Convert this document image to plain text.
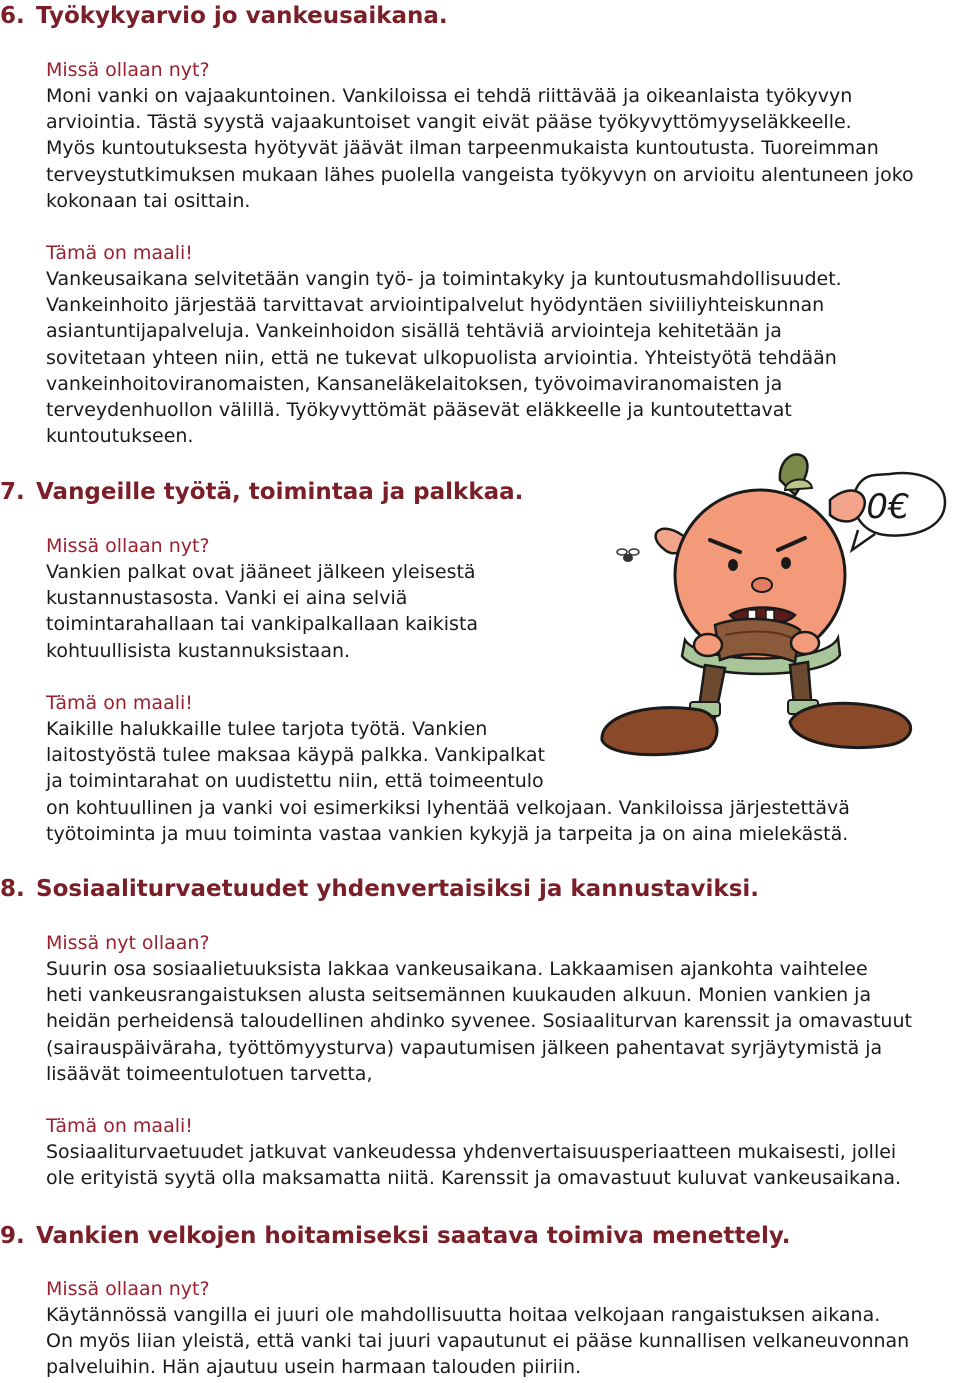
6. Työkykyarvio jo vankeusaikana.
Missä ollaan nyt?
Moni vanki on vajaakuntoinen. Vankiloissa ei tehdä riittävää ja oikeanlaista työkyvyn
arviointia. Tästä syystä vajaakuntoiset vangit eivät pääse työkyvyttömyyseläkkeelle.
Myös kuntoutuksesta hyötyvät jäävät ilman tarpeenmukaista kuntoutusta. Tuoreimman
terveystutkimuksen mukaan lähes puolella vangeista työkyvyn on arvioitu alentuneen joko
kokonaan tai osittain.
Tämä on maali!
Vankeusaikana selvitetään vangin työ- ja toimintakyky ja kuntoutusmahdollisuudet.
Vankeinhoito järjestää tarvittavat arviointipalvelut hyödyntäen siviiliyhteiskunnan
asiantuntijapalveluja. Vankeinhoidon sisällä tehtäviä arviointeja kehitetään ja
sovitetaan yhteen niin, että ne tukevat ulkopuolista arviointia. Yhteistyötä tehdään
vankeinhoitoviranomaisten, Kansaneläkelaitoksen, työvoimaviranomaisten ja
terveydenhuollon välillä. Työkyvyttömät pääsevät eläkkeelle ja kuntoutettavat
kuntoutukseen.
7. Vangeille työtä, toimintaa ja palkkaa.
Missä ollaan nyt?
Vankien palkat ovat jääneet jälkeen yleisestä
kustannustasosta. Vanki ei aina selviä
toimintarahallaan tai vankipalkallaan kaikista
kohtuullisista kustannuksistaan.
Tämä on maali!
Kaikille halukkaille tulee tarjota työtä. Vankien
laitostyöstä tulee maksaa käypä palkka. Vankipalkat
ja toimintarahat on uudistettu niin, että toimeentulo
on kohtuullinen ja vanki voi esimerkiksi lyhentää velkojaan. Vankiloissa järjestettävä
työtoiminta ja muu toiminta vastaa vankien kykyjä ja tarpeita ja on aina mielekästä.
8. Sosiaaliturvaetuudet yhdenvertaisiksi ja kannustaviksi.
Missä nyt ollaan?
Suurin osa sosiaalietuuksista lakkaa vankeusaikana. Lakkaamisen ajankohta vaihtelee
heti vankeusrangaistuksen alusta seitsemännen kuukauden alkuun. Monien vankien ja
heidän perheidensä taloudellinen ahdinko syvenee. Sosiaaliturvan karenssit ja omavastuut
(sairauspäiväraha, työttömyysturva) vapautumisen jälkeen pahentavat syrjäytymistä ja
lisäävät toimeentulotuen tarvetta,
Tämä on maali!
Sosiaaliturvaetuudet jatkuvat vankeudessa yhdenvertaisuusperiaatteen mukaisesti, jollei
ole erityistä syytä olla maksamatta niitä. Karenssit ja omavastuut kuluvat vankeusaikana.
9. Vankien velkojen hoitamiseksi saatava toimiva menettely.
Missä ollaan nyt?
Käytännössä vangilla ei juuri ole mahdollisuutta hoitaa velkojaan rangaistuksen aikana.
On myös liian yleistä, että vanki tai juuri vapautunut ei pääse kunnallisen velkaneuvonnan
palveluihin. Hän ajautuu usein harmaan talouden piiriin.
0€
